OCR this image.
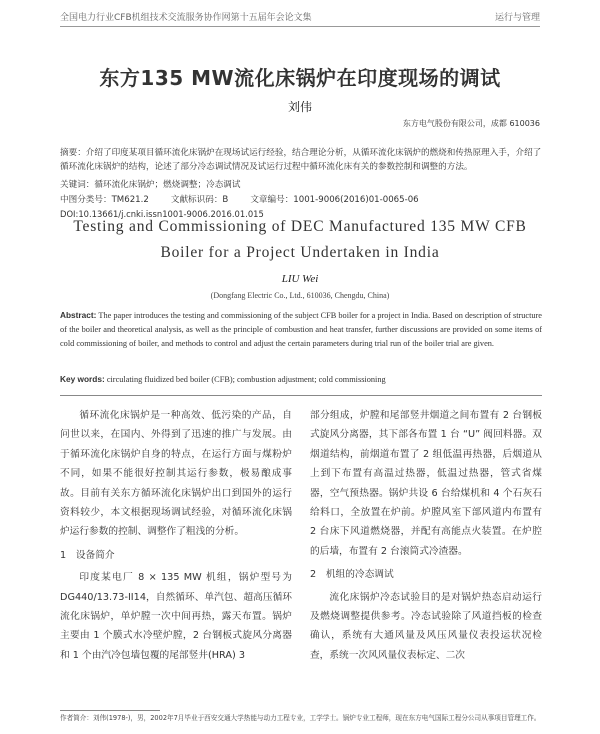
全国电力行业CFB机组技术交流服务协作网第十五届年会论文集	运行与管理
东方135 MW流化床锅炉在印度现场的调试
刘伟
东方电气股份有限公司，成都 610036
摘要：介绍了印度某项目循环流化床锅炉在现场试运行经验，结合理论分析，从循环流化床锅炉的燃烧和传热原理入手，介绍了循环流化床锅炉的结构，论述了部分冷态调试情况及试运行过程中循环流化床有关的参数控制和调整的方法。
关键词：循环流化床锅炉；燃烧调整；冷态调试
中图分类号：TM621.2	文献标识码：B	文章编号：1001-9006(2016)01-0065-06
DOI:10.13661/j.cnki.issn1001-9006.2016.01.015
Testing and Commissioning of DEC Manufactured 135 MW CFB
Boiler for a Project Undertaken in India
LIU Wei
(Dongfang Electric Co., Ltd., 610036, Chengdu, China)
Abstract: The paper introduces the testing and commissioning of the subject CFB boiler for a project in India. Based on description of structure of the boiler and theoretical analysis, as well as the principle of combustion and heat transfer, further discussions are provided on some items of cold commissioning of boiler, and methods to control and adjust the certain parameters during trial run of the boiler trial are given.
Key words: circulating fluidized bed boiler (CFB); combustion adjustment; cold commissioning

循环流化床锅炉是一种高效、低污染的产品，自问世以来，在国内、外得到了迅速的推广与发展。由于循环流化床锅炉自身的特点，在运行方面与煤粉炉不同，如果不能很好控制其运行参数，极易酿成事故。目前有关东方循环流化床锅炉出口到国外的运行资料较少，本文根据现场调试经验，对循环流化床锅炉运行参数的控制、调整作了粗浅的分析。

1　设备简介

印度某电厂 8 × 135 MW 机组，锅炉型号为 DG440/13.73-II14，自然循环、单汽包、超高压循环流化床锅炉，单炉膛一次中间再热，露天布置。锅炉主要由 1 个膜式水冷壁炉膛，2 台钢板式旋风分离器和 1 个由汽冷包墙包覆的尾部竖井(HRA) 3

部分组成，炉膛和尾部竖井烟道之间布置有 2 台钢板式旋风分离器，其下部各布置 1 台 “U” 阀回料器。双烟道结构，前烟道布置了 2 组低温再热器，后烟道从上到下布置有高温过热器，低温过热器，管式省煤器，空气预热器。锅炉共设 6 台给煤机和 4 个石灰石给料口，全放置在炉前。炉膛风室下部风道内布置有 2 台床下风道燃烧器，并配有高能点火装置。在炉腔的后墙，布置有 2 台滚筒式冷渣器。

2　机组的冷态调试

流化床锅炉冷态试验目的是对锅炉热态启动运行及燃烧调整提供参考。冷态试验除了风道挡板的检查确认，系统有大通风量及风压风量仪表投运状况检查，系统一次风风量仪表标定、二次

作者简介：刘伟(1978-)，男，2002年7月毕业于西安交通大学热能与动力工程专业，工学学士。锅炉专业工程师，现在东方电气国际工程分公司从事项目管理工作。
